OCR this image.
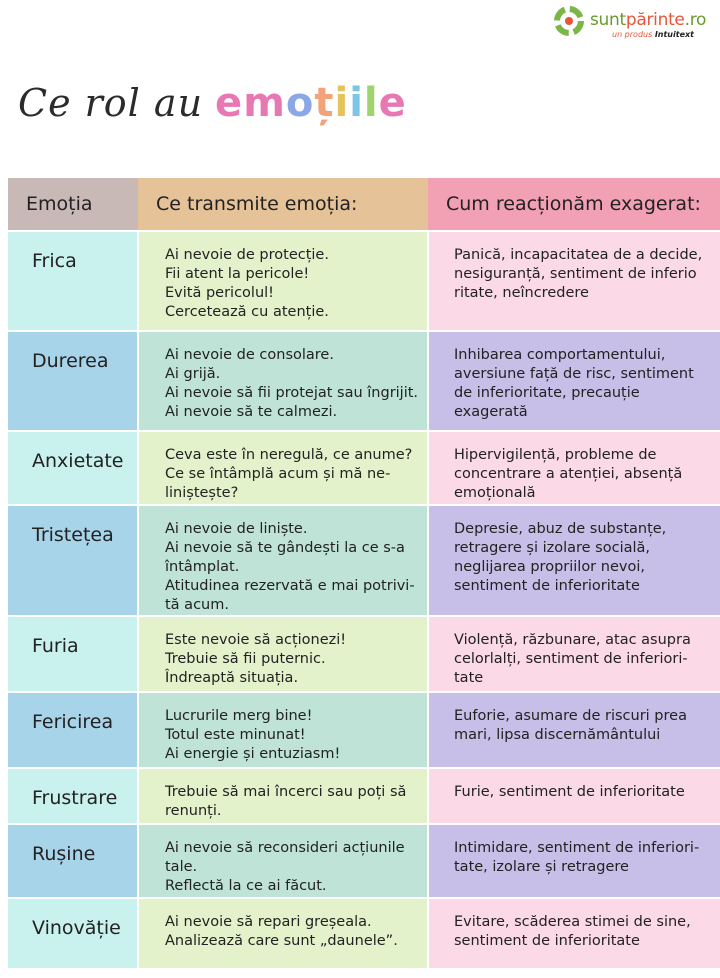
suntpărinte.ro
un produs Intuitext
Ce rol au emoțiile
Emoția	Ce transmite emoția:	Cum reacționăm exagerat:
Frica	Ai nevoie de protecție.
Fii atent la pericole!
Evită pericolul!
Cercetează cu atenție.	Panică, incapacitatea de a decide,
nesiguranță, sentiment de inferio
ritate, neîncredere

Durerea	Ai nevoie de consolare.
Ai grijă.
Ai nevoie să fii protejat sau îngrijit.
Ai nevoie să te calmezi.	Inhibarea comportamentului,
aversiune față de risc, sentiment
de inferioritate, precauție
exagerată

Anxietate	Ceva este în neregulă, ce anume?
Ce se întâmplă acum și mă ne-
liniștește?	Hipervigilență, probleme de
concentrare a atenției, absență
emoțională

Tristețea	Ai nevoie de liniște.
Ai nevoie să te gândești la ce s-a
întâmplat.
Atitudinea rezervată e mai potrivi-
tă acum.	Depresie, abuz de substanțe,
retragere și izolare socială,
neglijarea propriilor nevoi,
sentiment de inferioritate

Furia	Este nevoie să acționezi!
Trebuie să fii puternic.
Îndreaptă situația.	Violență, răzbunare, atac asupra
celorlalți, sentiment de inferiori-
tate

Fericirea	Lucrurile merg bine!
Totul este minunat!
Ai energie și entuziasm!	Euforie, asumare de riscuri prea
mari, lipsa discernământului

Frustrare	Trebuie să mai încerci sau poți să
renunți.	Furie, sentiment de inferioritate

Rușine	Ai nevoie să reconsideri acțiunile
tale.
Reflectă la ce ai făcut.	Intimidare, sentiment de inferiori-
tate, izolare și retragere

Vinovăție	Ai nevoie să repari greșeala.
Analizează care sunt „daunele”.	Evitare, scăderea stimei de sine,
sentiment de inferioritate
